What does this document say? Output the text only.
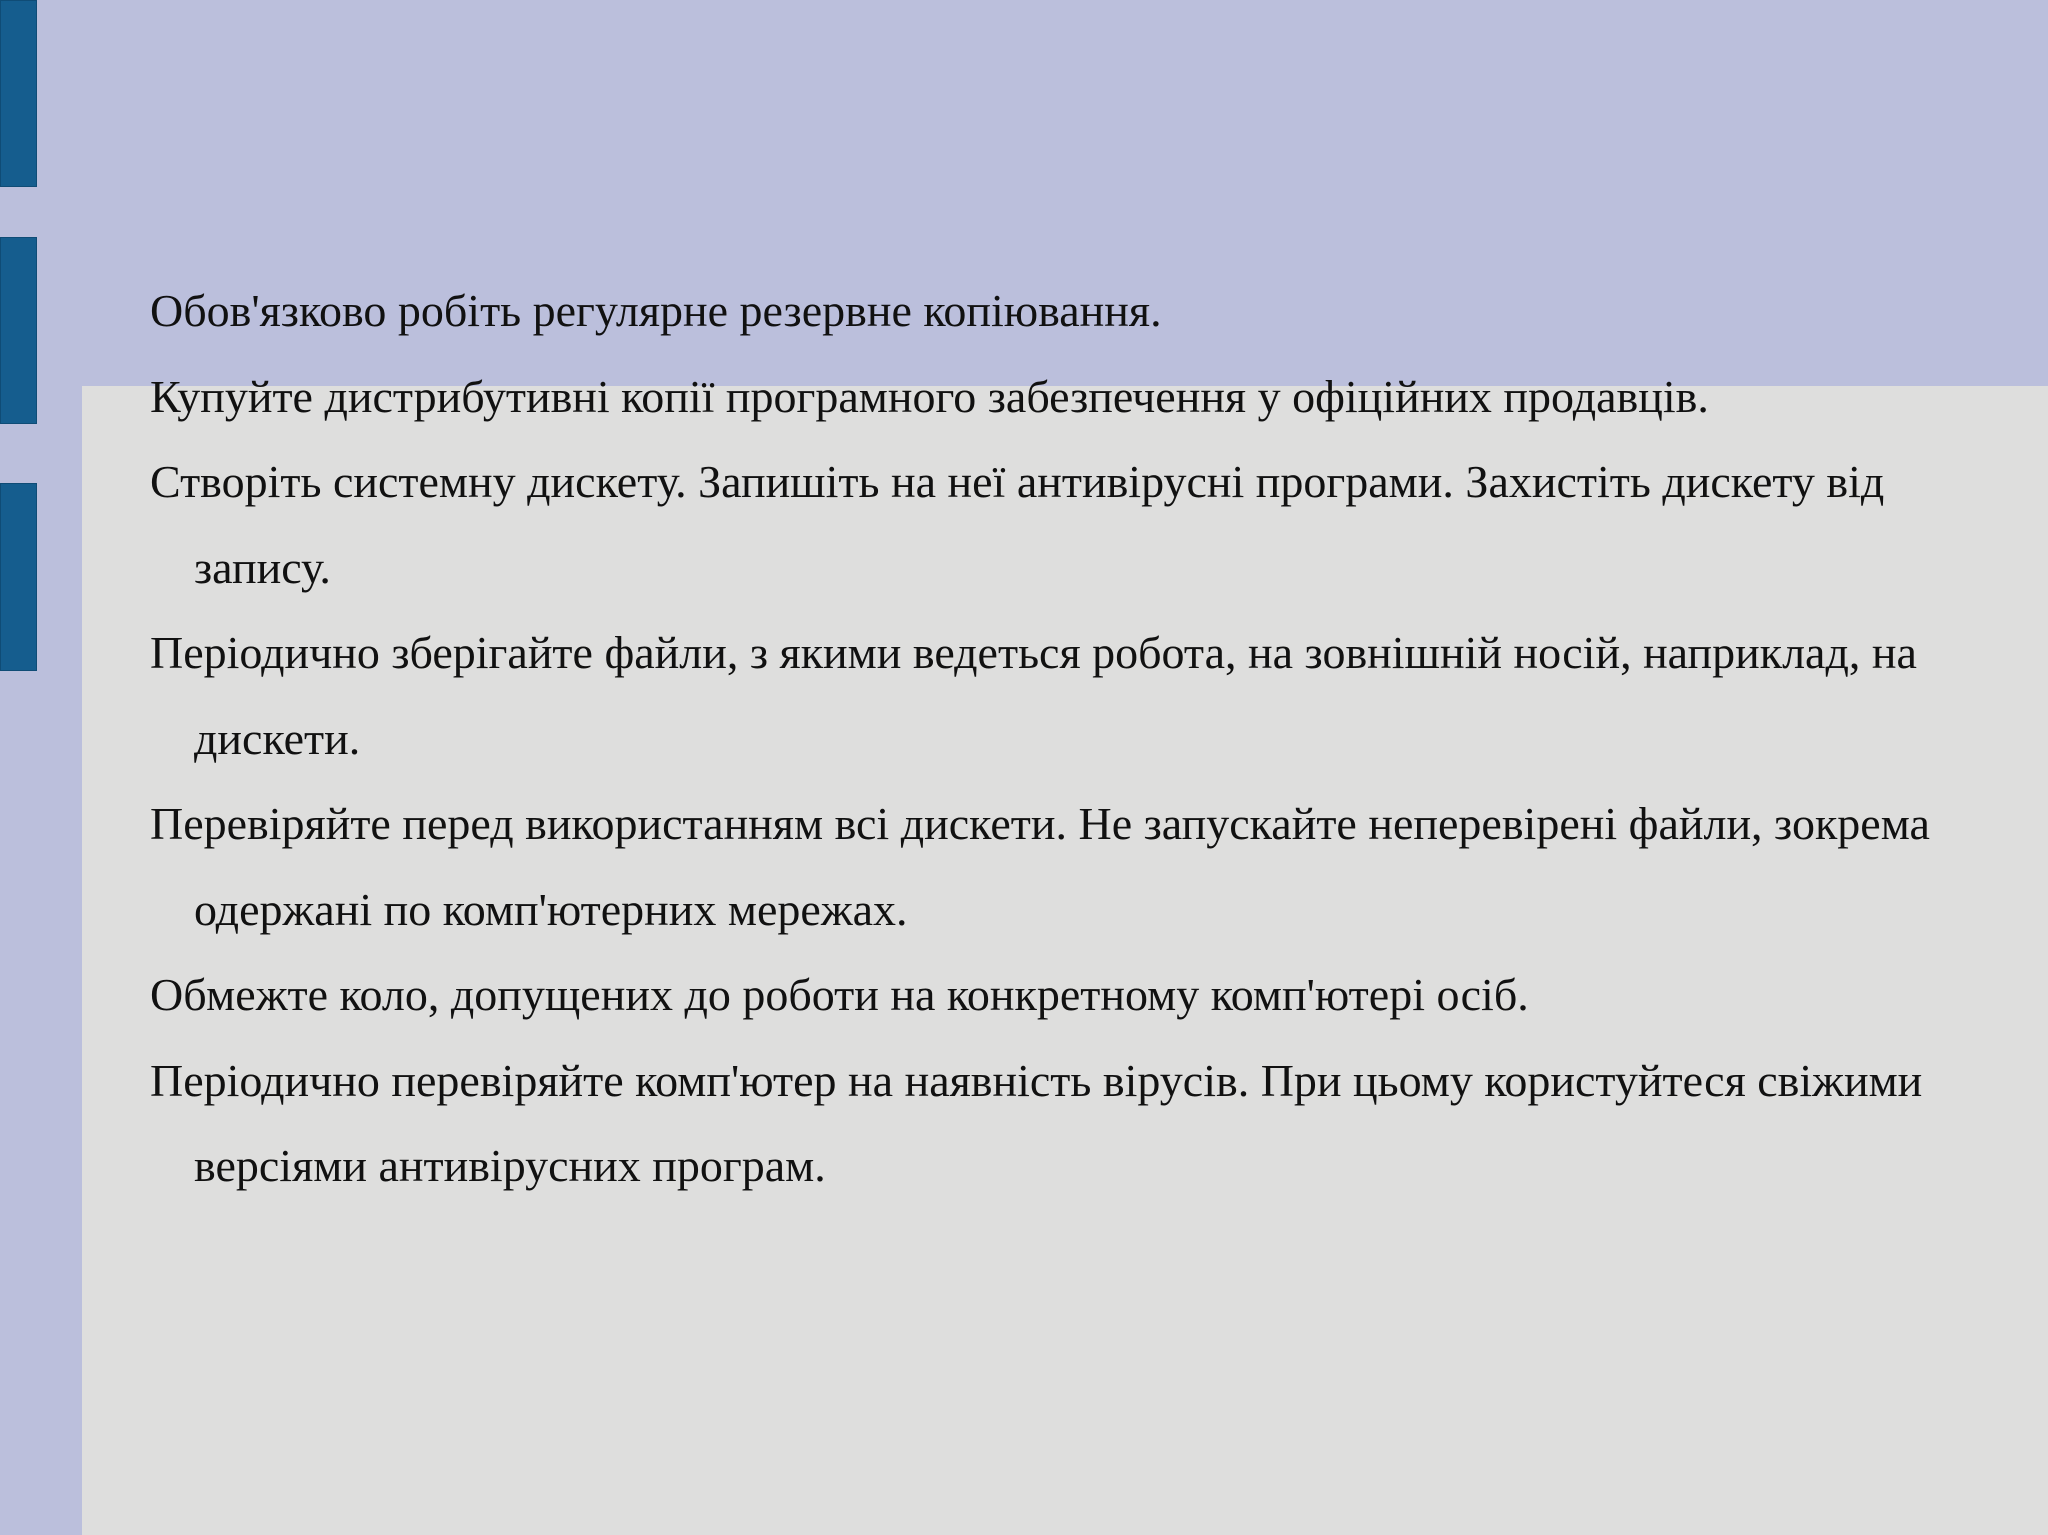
Обов'язково робіть регулярне резервне копіювання.
Купуйте дистрибутивні копії програмного забезпечення у офіційних продавців.
Створіть системну дискету. Запишіть на неї антивірусні програми. Захистіть дискету від запису.
Періодично зберігайте файли, з якими ведеться робота, на зовнішній носій, наприклад, на дискети.
Перевіряйте перед використанням всі дискети. Не запускайте неперевірені файли, зокрема одержані по комп'ютерних мережах.
Обмежте коло, допущених до роботи на конкретному комп'ютері осіб.
Періодично перевіряйте комп'ютер на наявність вірусів. При цьому користуйтеся свіжими версіями антивірусних програм.
